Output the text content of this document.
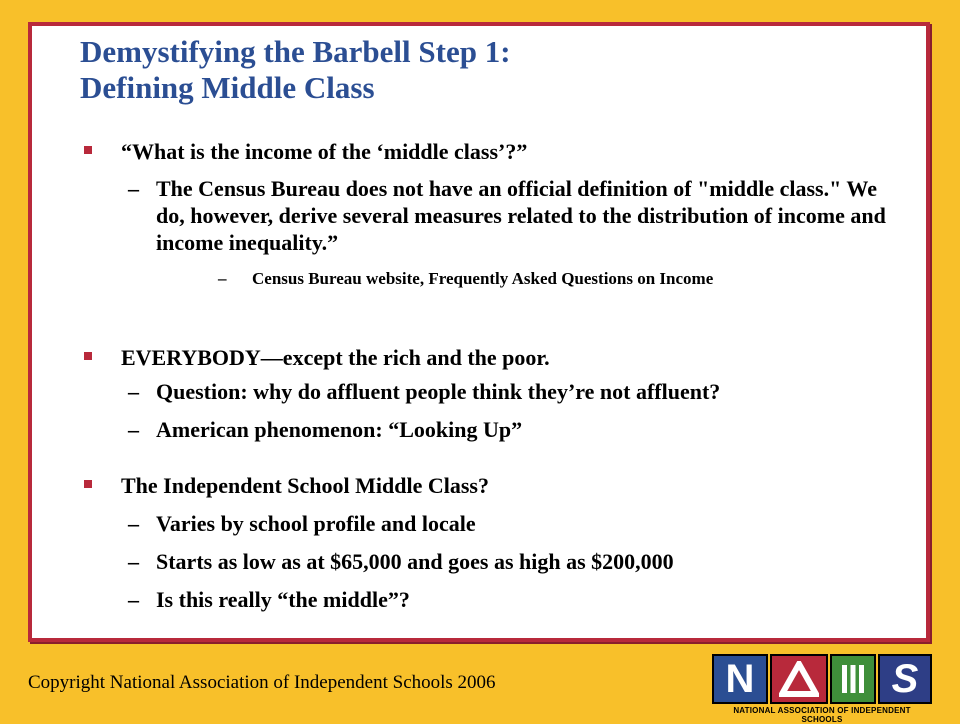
Demystifying the Barbell Step 1:
Defining Middle Class
“What is the income of the ‘middle class’?”
– The Census Bureau does not have an official definition of "middle class." We do, however, derive several measures related to the distribution of income and income inequality.”
–	Census Bureau website, Frequently Asked Questions on Income
EVERYBODY—except the rich and the poor.
– Question: why do affluent people think they’re not affluent?
– American phenomenon: “Looking Up”
The Independent School Middle Class?
– Varies by school profile and locale
– Starts as low as at $65,000 and goes as high as $200,000
– Is this really “the middle”?
Copyright National Association of Independent Schools 2006	N	S
NATIONAL ASSOCIATION OF INDEPENDENT SCHOOLS
